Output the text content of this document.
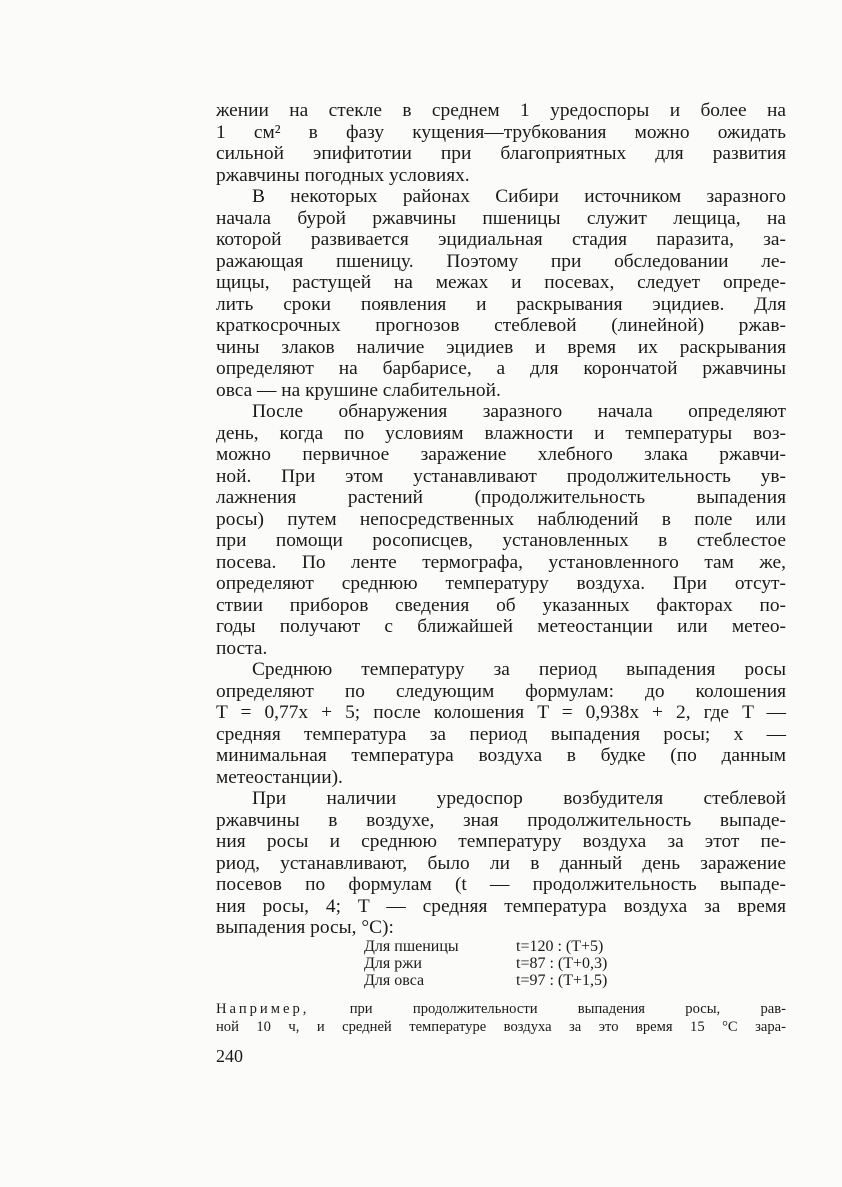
жении на стекле в среднем 1 уредоспоры и более на
1 см² в фазу кущения—трубкования можно ожидать
сильной эпифитотии при благоприятных для развития
ржавчины погодных условиях.
В некоторых районах Сибири источником заразного
начала бурой ржавчины пшеницы служит лещица, на
которой развивается эцидиальная стадия паразита, за-
ражающая пшеницу. Поэтому при обследовании ле-
щицы, растущей на межах и посевах, следует опреде-
лить сроки появления и раскрывания эцидиев. Для
краткосрочных прогнозов стеблевой (линейной) ржав-
чины злаков наличие эцидиев и время их раскрывания
определяют на барбарисе, а для корончатой ржавчины
овса — на крушине слабительной.
После обнаружения заразного начала определяют
день, когда по условиям влажности и температуры воз-
можно первичное заражение хлебного злака ржавчи-
ной. При этом устанавливают продолжительность ув-
лажнения растений (продолжительность выпадения
росы) путем непосредственных наблюдений в поле или
при помощи росописцев, установленных в стеблестое
посева. По ленте термографа, установленного там же,
определяют среднюю температуру воздуха. При отсут-
ствии приборов сведения об указанных факторах по-
годы получают с ближайшей метеостанции или метео-
поста.
Среднюю температуру за период выпадения росы
определяют по следующим формулам: до колошения
T = 0,77x + 5; после колошения T = 0,938x + 2, где T —
средняя температура за период выпадения росы; x —
минимальная температура воздуха в будке (по данным
метеостанции).
При наличии уредоспор возбудителя стеблевой
ржавчины в воздухе, зная продолжительность выпаде-
ния росы и среднюю температуру воздуха за этот пе-
риод, устанавливают, было ли в данный день заражение
посевов по формулам (t — продолжительность выпаде-
ния росы, 4; T — средняя температура воздуха за время
выпадения росы, °С):
Для пшеницы	t=120 : (T+5)
Для ржи	t=87 : (T+0,3)
Для овса	t=97 : (T+1,5)
Например, при продолжительности выпадения росы, рав-
ной 10 ч, и средней температуре воздуха за это время 15 °С зара-
240
